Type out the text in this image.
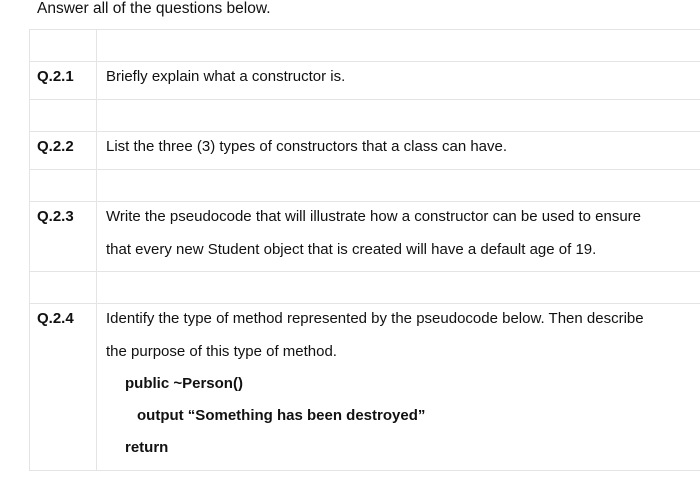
Answer all of the questions below.

Q.2.1	Briefly explain what a constructor is.

Q.2.2	List the three (3) types of constructors that a class can have.

Q.2.3	Write the pseudocode that will illustrate how a constructor can be used to ensure
that every new Student object that is created will have a default age of 19.

Q.2.4	Identify the type of method represented by the pseudocode below. Then describe
the purpose of this type of method.
public ~Person()
output “Something has been destroyed”
return
